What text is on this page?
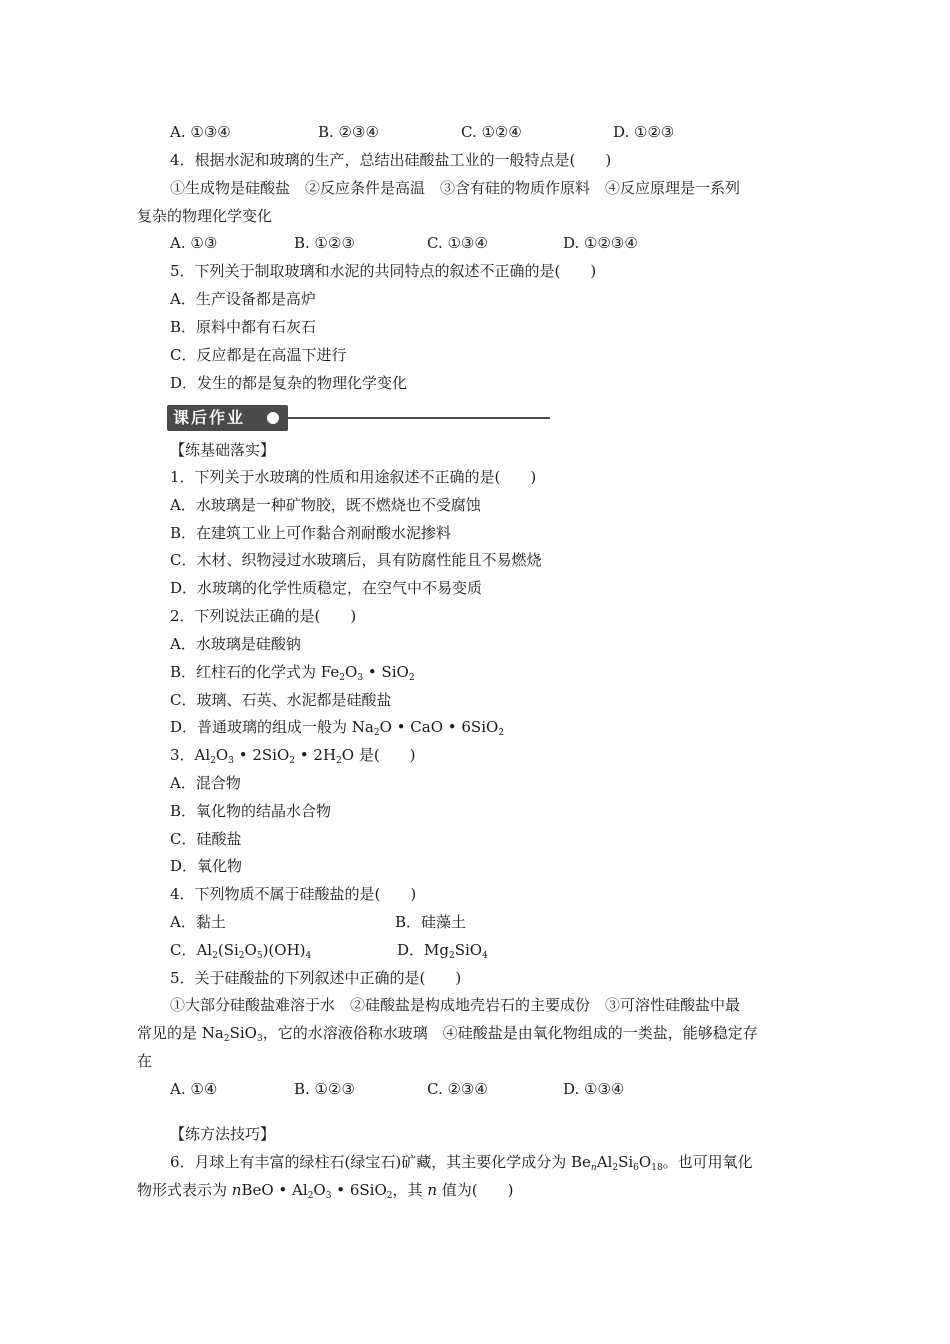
A. ①③④	B. ②③④	C. ①②④	D. ①②③
4．根据水泥和玻璃的生产，总结出硅酸盐工业的一般特点是(　　)
①生成物是硅酸盐　②反应条件是高温　③含有硅的物质作原料　④反应原理是一系列
复杂的物理化学变化
A. ①③	B. ①②③	C. ①③④	D. ①②③④
5．下列关于制取玻璃和水泥的共同特点的叙述不正确的是(　　)
A．生产设备都是高炉
B．原料中都有石灰石
C．反应都是在高温下进行
D．发生的都是复杂的物理化学变化
课后作业
【练基础落实】
1．下列关于水玻璃的性质和用途叙述不正确的是(　　)
A．水玻璃是一种矿物胶，既不燃烧也不受腐蚀
B．在建筑工业上可作黏合剂耐酸水泥掺料
C．木材、织物浸过水玻璃后，具有防腐性能且不易燃烧
D．水玻璃的化学性质稳定，在空气中不易变质
2．下列说法正确的是(　　)
A．水玻璃是硅酸钠
B．红柱石的化学式为 $Fe_2O_3$ • SiO$_2$
C．玻璃、石英、水泥都是硅酸盐
D．普通玻璃的组成一般为 $Na_2O$ • CaO • 6SiO$_2$
3．$Al_2O_3$ • 2SiO$_2$ • $2H_2O$ 是(　　)
A．混合物
B．氧化物的结晶水合物
C．硅酸盐
D．氧化物
4．下列物质不属于硅酸盐的是(　　)
A．黏土	B．硅藻土
C．$Al_2(Si_2O_5)(OH)_4$	D．$Mg_2SiO_4$
5．关于硅酸盐的下列叙述中正确的是(　　)
①大部分硅酸盐难溶于水　②硅酸盐是构成地壳岩石的主要成份　③可溶性硅酸盐中最
常见的是 $Na_2SiO_3$，它的水溶液俗称水玻璃　④硅酸盐是由氧化物组成的一类盐，能够稳定存
在
A. ①④	B. ①②③	C. ②③④	D. ①③④
【练方法技巧】
6．月球上有丰富的绿柱石(绿宝石)矿藏，其主要化学成分为 $Be_nAl_2Si_6O_{18}$。也可用氧化
物形式表示为 nBeO • $Al_2O_3$ • 6SiO$_2$，其 n 值为(　　)
